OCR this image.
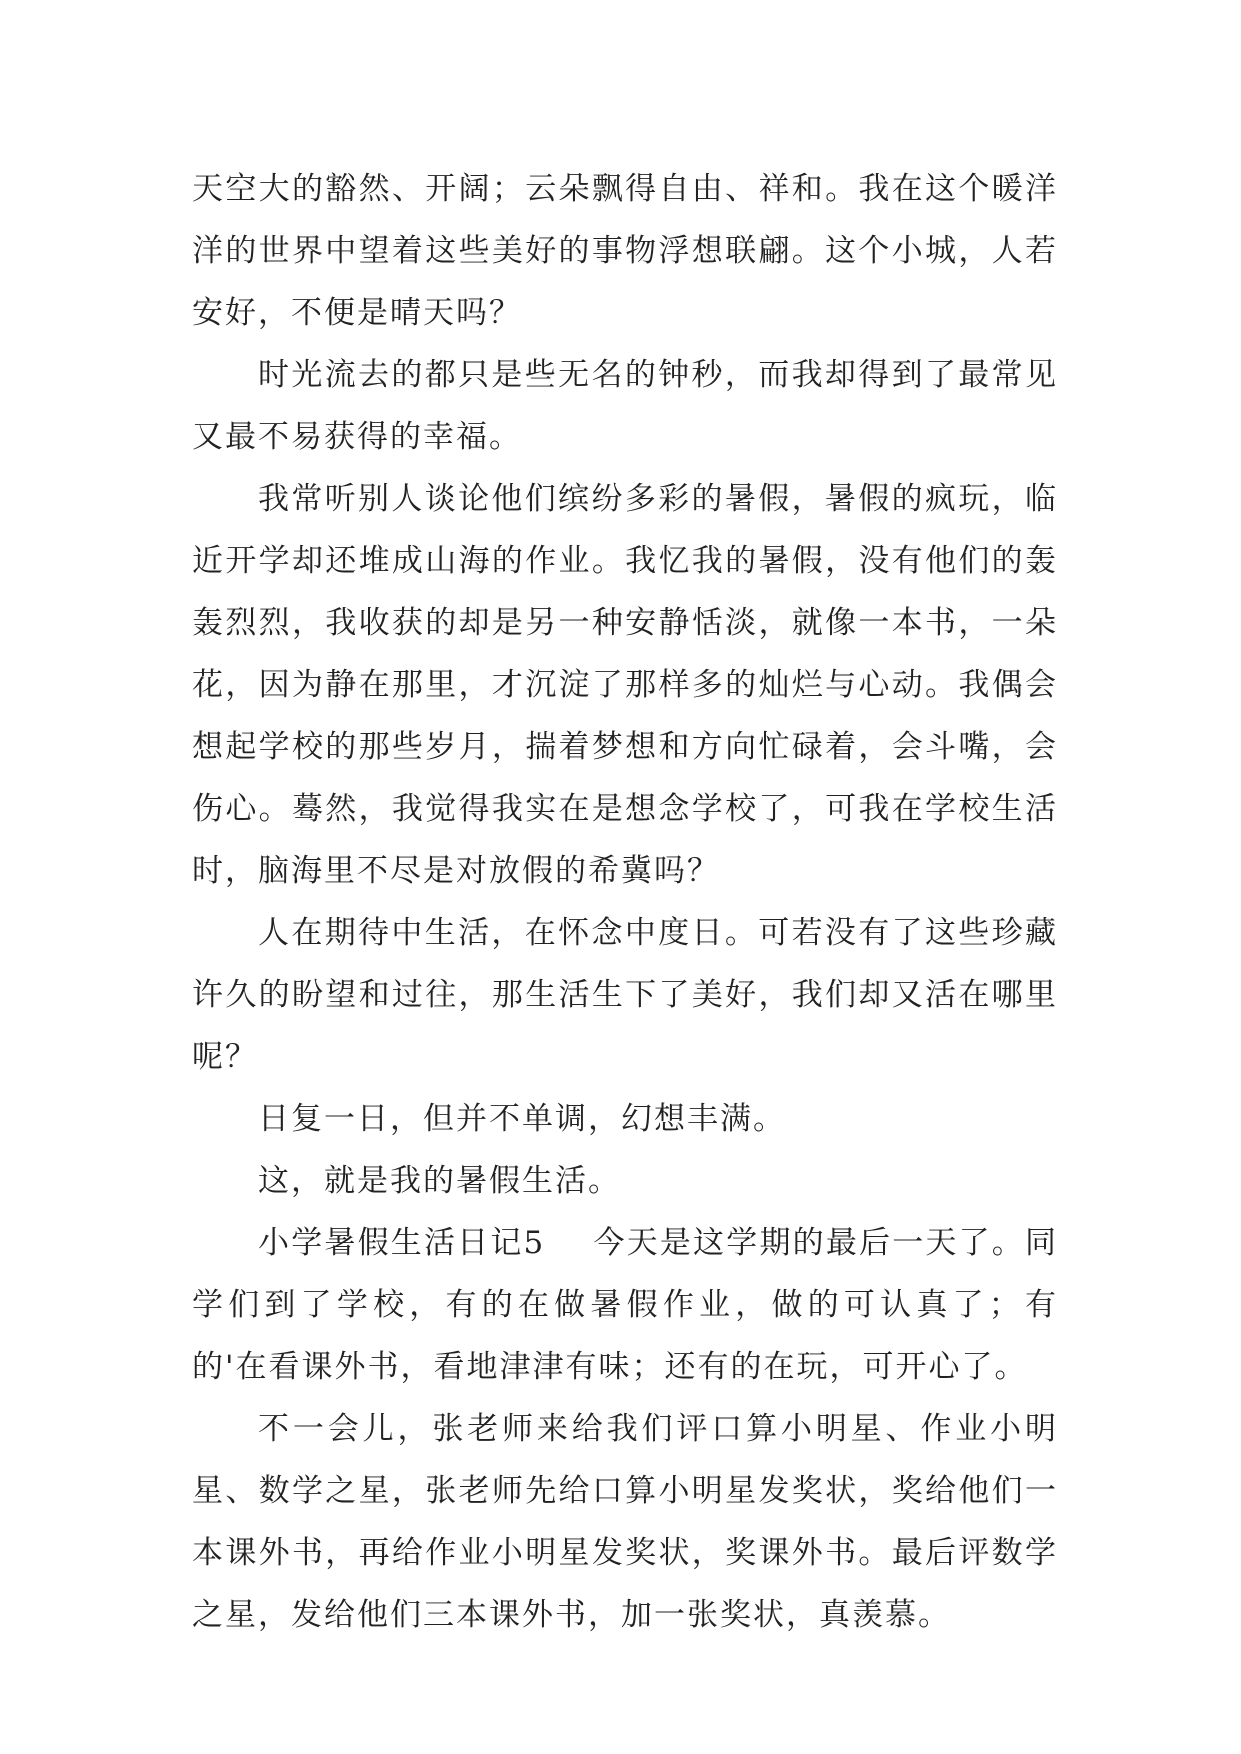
天空大的豁然、开阔；云朵飘得自由、祥和。我在这个暖洋洋的世界中望着这些美好的事物浮想联翩。这个小城，人若安好，不便是晴天吗？

时光流去的都只是些无名的钟秒，而我却得到了最常见又最不易获得的幸福。

我常听别人谈论他们缤纷多彩的暑假，暑假的疯玩，临近开学却还堆成山海的作业。我忆我的暑假，没有他们的轰轰烈烈，我收获的却是另一种安静恬淡，就像一本书，一朵花，因为静在那里，才沉淀了那样多的灿烂与心动。我偶会想起学校的那些岁月，揣着梦想和方向忙碌着，会斗嘴，会伤心。蓦然，我觉得我实在是想念学校了，可我在学校生活时，脑海里不尽是对放假的希冀吗？

人在期待中生活，在怀念中度日。可若没有了这些珍藏许久的盼望和过往，那生活生下了美好，我们却又活在哪里呢？

日复一日，但并不单调，幻想丰满。

这，就是我的暑假生活。

小学暑假生活日记5 今天是这学期的最后一天了。同学们到了学校，有的在做暑假作业，做的可认真了；有的'在看课外书，看地津津有味；还有的在玩，可开心了。

不一会儿，张老师来给我们评口算小明星、作业小明星、数学之星，张老师先给口算小明星发奖状，奖给他们一本课外书，再给作业小明星发奖状，奖课外书。最后评数学之星，发给他们三本课外书，加一张奖状，真羡慕。
